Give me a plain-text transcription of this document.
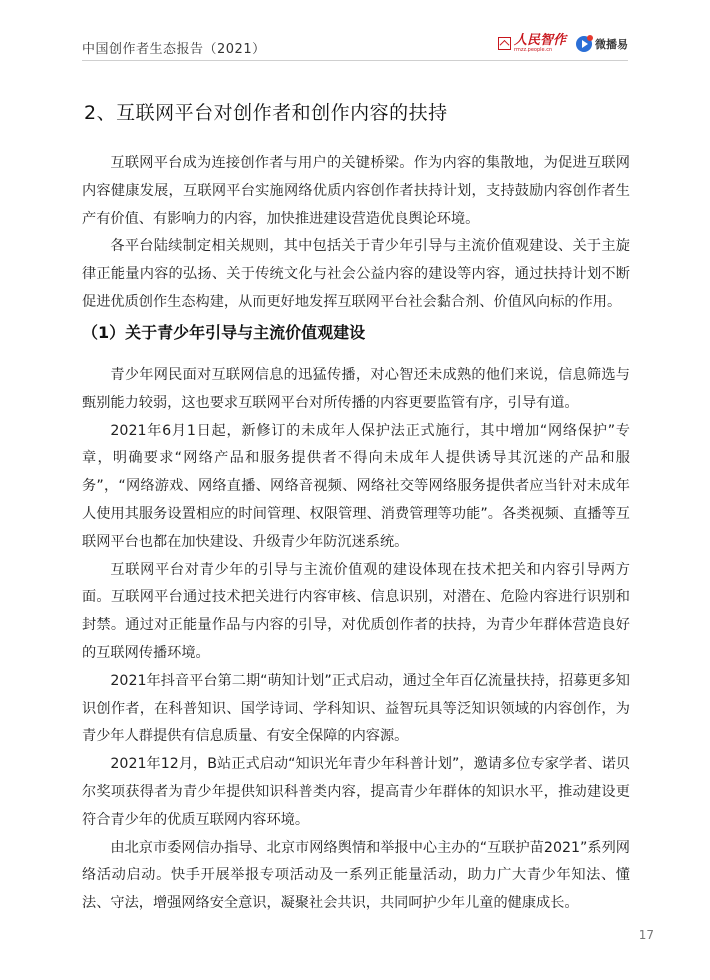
中国创作者生态报告（2021）
人民智作
rmzz.people.cn	微播易
2、互联网平台对创作者和创作内容的扶持

互联网平台成为连接创作者与用户的关键桥梁。作为内容的集散地，为促进互联网内容健康发展，互联网平台实施网络优质内容创作者扶持计划，支持鼓励内容创作者生产有价值、有影响力的内容，加快推进建设营造优良舆论环境。

各平台陆续制定相关规则，其中包括关于青少年引导与主流价值观建设、关于主旋律正能量内容的弘扬、关于传统文化与社会公益内容的建设等内容，通过扶持计划不断促进优质创作生态构建，从而更好地发挥互联网平台社会黏合剂、价值风向标的作用。

（1）关于青少年引导与主流价值观建设

青少年网民面对互联网信息的迅猛传播，对心智还未成熟的他们来说，信息筛选与甄别能力较弱，这也要求互联网平台对所传播的内容更要监管有序，引导有道。

2021年6月1日起，新修订的未成年人保护法正式施行，其中增加“网络保护”专章，明确要求“网络产品和服务提供者不得向未成年人提供诱导其沉迷的产品和服务”，“网络游戏、网络直播、网络音视频、网络社交等网络服务提供者应当针对未成年人使用其服务设置相应的时间管理、权限管理、消费管理等功能”。各类视频、直播等互联网平台也都在加快建设、升级青少年防沉迷系统。

互联网平台对青少年的引导与主流价值观的建设体现在技术把关和内容引导两方面。互联网平台通过技术把关进行内容审核、信息识别，对潜在、危险内容进行识别和封禁。通过对正能量作品与内容的引导，对优质创作者的扶持，为青少年群体营造良好的互联网传播环境。

2021年抖音平台第二期“萌知计划”正式启动，通过全年百亿流量扶持，招募更多知识创作者，在科普知识、国学诗词、学科知识、益智玩具等泛知识领域的内容创作，为青少年人群提供有信息质量、有安全保障的内容源。

2021年12月，B站正式启动“知识光年青少年科普计划”，邀请多位专家学者、诺贝尔奖项获得者为青少年提供知识科普类内容，提高青少年群体的知识水平，推动建设更符合青少年的优质互联网内容环境。

由北京市委网信办指导、北京市网络舆情和举报中心主办的“互联护苗2021”系列网络活动启动。快手开展举报专项活动及一系列正能量活动，助力广大青少年知法、懂法、守法，增强网络安全意识，凝聚社会共识，共同呵护少年儿童的健康成长。

17
